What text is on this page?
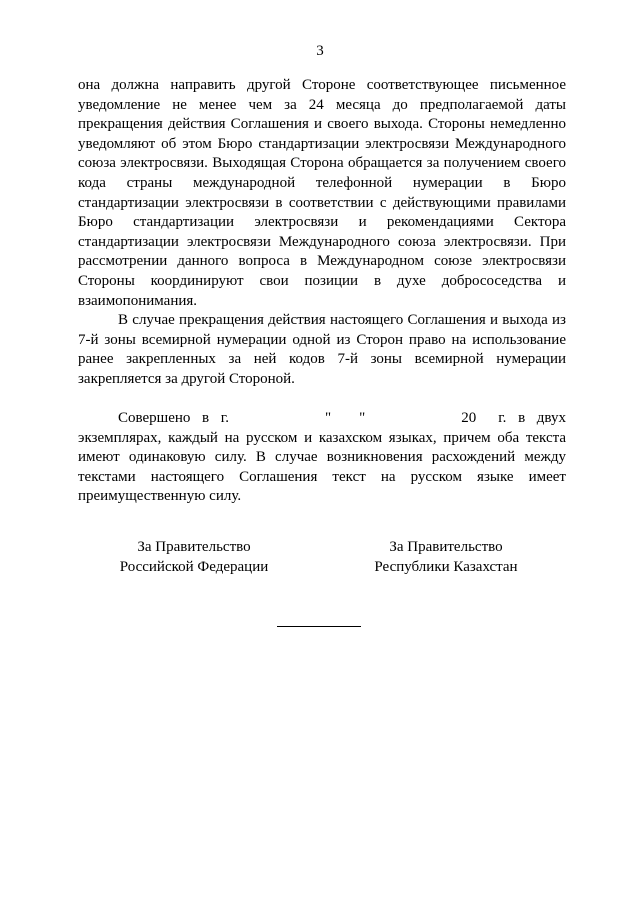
3

она должна направить другой Стороне соответствующее письменное уведомление не менее чем за 24 месяца до предполагаемой даты прекращения действия Соглашения и своего выхода. Стороны немедленно уведомляют об этом Бюро стандартизации электросвязи Международного союза электросвязи. Выходящая Сторона обращается за получением своего кода страны международной телефонной нумерации в Бюро стандартизации электросвязи в соответствии с действующими правилами Бюро стандартизации электросвязи и рекомендациями Сектора стандартизации электросвязи Международного союза электросвязи. При рассмотрении данного вопроса в Международном союзе электросвязи Стороны координируют свои позиции в духе добрососедства и взаимопонимания.

В случае прекращения действия настоящего Соглашения и выхода из 7-й зоны всемирной нумерации одной из Сторон право на использование ранее закрепленных за ней кодов 7-й зоны всемирной нумерации закрепляется за другой Стороной.

Совершено в г.	" "	20 г. в двух экземплярах, каждый на русском и казахском языках, причем оба текста имеют одинаковую силу. В случае возникновения расхождений между текстами настоящего Соглашения текст на русском языке имеет преимущественную силу.

За Правительство
Российской Федерации
За Правительство
Республики Казахстан
